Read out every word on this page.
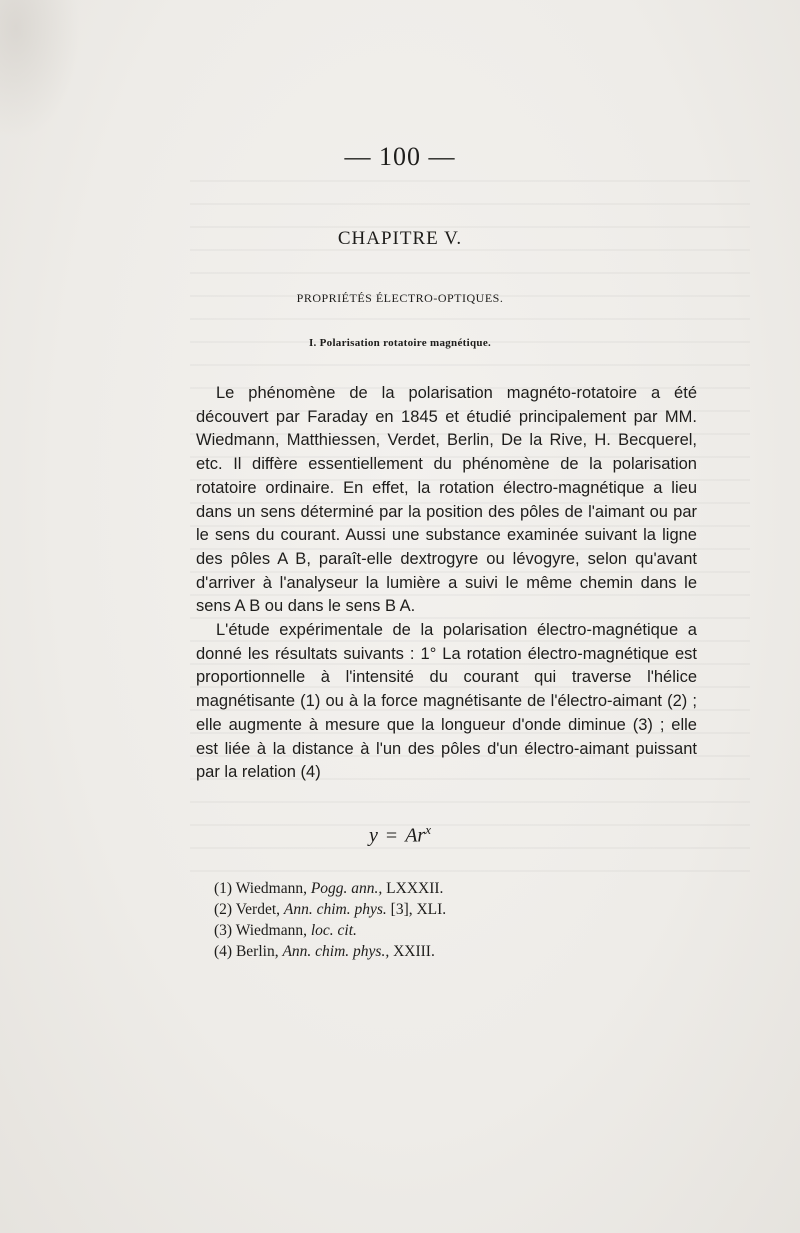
— 100 —
CHAPITRE V.
PROPRIÉTÉS ÉLECTRO-OPTIQUES.
I. Polarisation rotatoire magnétique.

Le phénomène de la polarisation magnéto-rotatoire a été découvert par Faraday en 1845 et étudié principalement par MM. Wiedmann, Matthiessen, Verdet, Berlin, De la Rive, H. Becquerel, etc. Il diffère essentiellement du phénomène de la polarisation rotatoire ordinaire. En effet, la rotation électro-magnétique a lieu dans un sens déterminé par la position des pôles de l'aimant ou par le sens du courant. Aussi une substance examinée suivant la ligne des pôles A B, paraît-elle dextrogyre ou lévogyre, selon qu'avant d'arriver à l'analyseur la lumière a suivi le même chemin dans le sens A B ou dans le sens B A.

L'étude expérimentale de la polarisation électro-magnétique a donné les résultats suivants : 1° La rotation électro-magnétique est proportionnelle à l'intensité du courant qui traverse l'hélice magnétisante (1) ou à la force magnétisante de l'électro-aimant (2) ; elle augmente à mesure que la longueur d'onde diminue (3) ; elle est liée à la distance à l'un des pôles d'un électro-aimant puissant par la relation (4)

$y = Ar^x$
(1) Wiedmann, Pogg. ann., LXXXII.
(2) Verdet, Ann. chim. phys. [3], XLI.
(3) Wiedmann, loc. cit.
(4) Berlin, Ann. chim. phys., XXIII.
